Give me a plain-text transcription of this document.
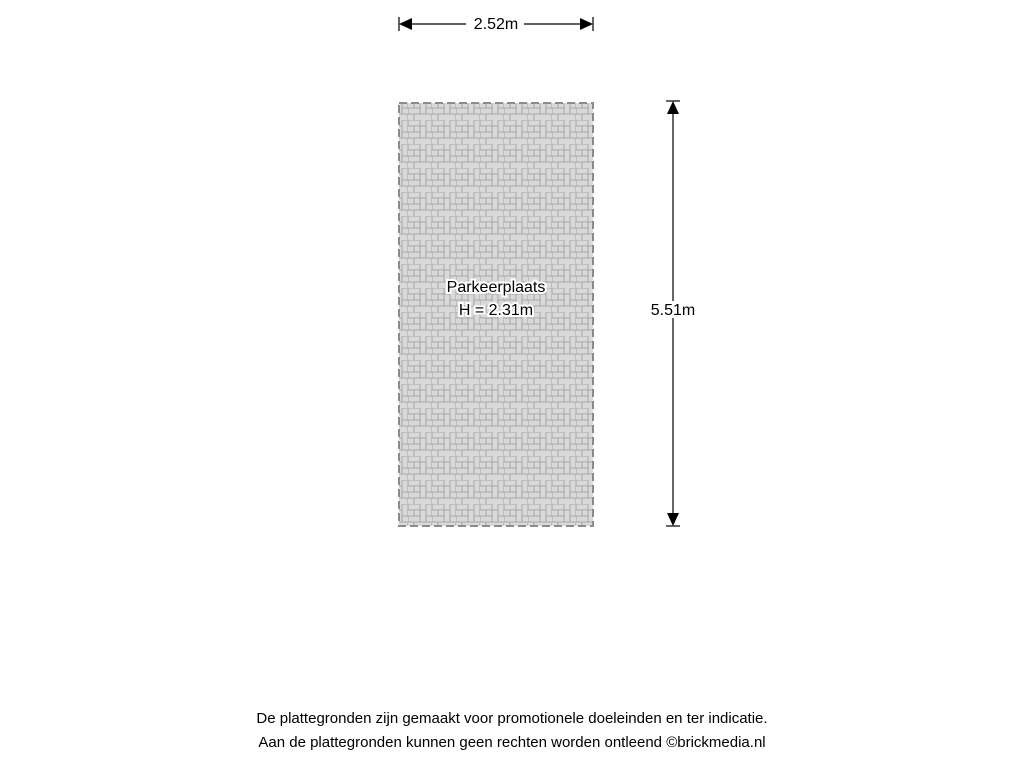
2.52m
Parkeerplaats
H = 2.31m	5.51m
De plattegronden zijn gemaakt voor promotionele doeleinden en ter indicatie.
Aan de plattegronden kunnen geen rechten worden ontleend ©brickmedia.nl
